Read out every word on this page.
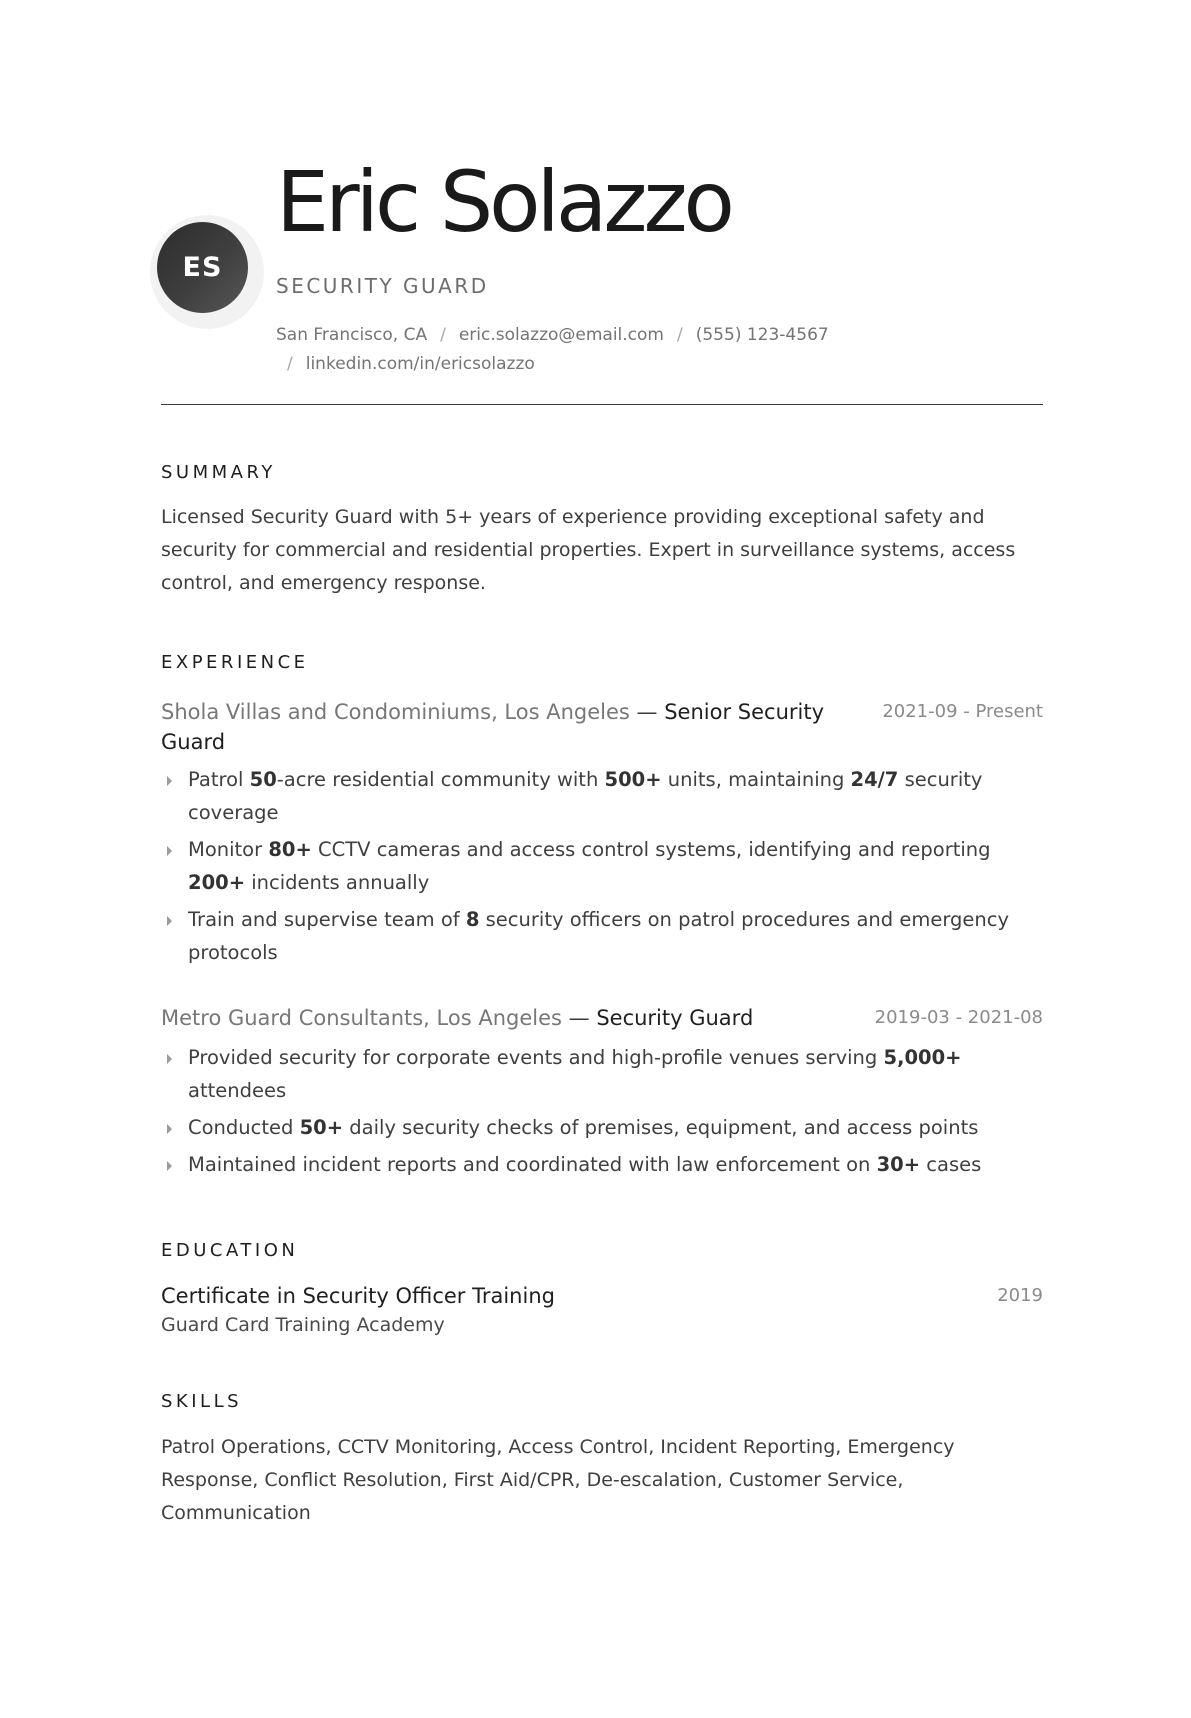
ES
Eric Solazzo
SECURITY GUARD
San Francisco, CA / eric.solazzo@email.com / (555) 123-4567
/ linkedin.com/in/ericsolazzo
SUMMARY

Licensed Security Guard with 5+ years of experience providing exceptional safety and security for commercial and residential properties. Expert in surveillance systems, access control, and emergency response.

EXPERIENCE
Shola Villas and Condominiums, Los Angeles — Senior Security Guard
2021-09 - Present
Patrol 50-acre residential community with 500+ units, maintaining 24/7 security coverage
Monitor 80+ CCTV cameras and access control systems, identifying and reporting 200+ incidents annually
Train and supervise team of 8 security officers on patrol procedures and emergency protocols
Metro Guard Consultants, Los Angeles — Security Guard	2019-03 - 2021-08
Provided security for corporate events and high-profile venues serving 5,000+ attendees
Conducted 50+ daily security checks of premises, equipment, and access points
Maintained incident reports and coordinated with law enforcement on 30+ cases
EDUCATION
Certificate in Security Officer Training	2019
Guard Card Training Academy
SKILLS

Patrol Operations, CCTV Monitoring, Access Control, Incident Reporting, Emergency Response, Conflict Resolution, First Aid/CPR, De-escalation, Customer Service, Communication
